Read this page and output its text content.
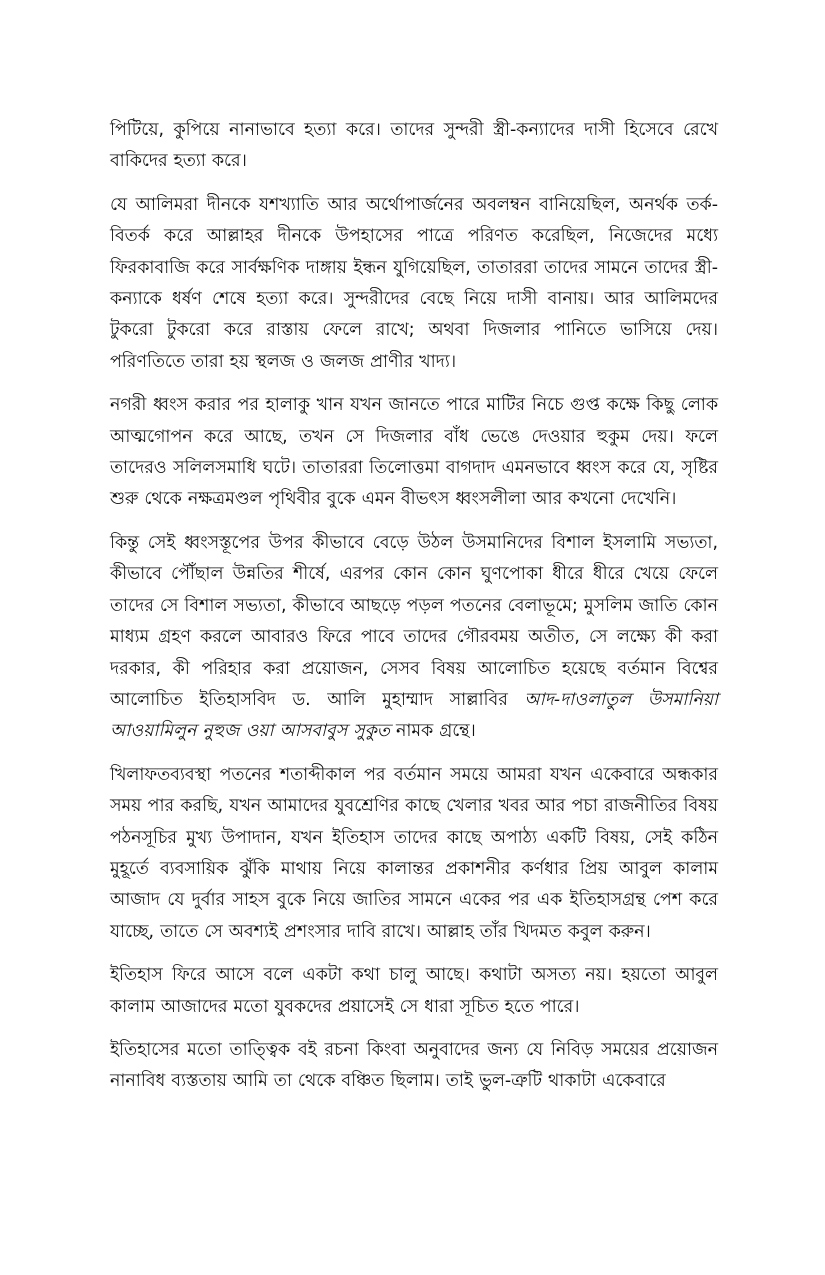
পিটিয়ে, কুপিয়ে নানাভাবে হত্যা করে। তাদের সুন্দরী স্ত্রী-কন্যাদের দাসী হিসেবে রেখে বাকিদের হত্যা করে।

যে আলিমরা দীনকে যশখ্যাতি আর অর্থোপার্জনের অবলম্বন বানিয়েছিল, অনর্থক তর্ক-বিতর্ক করে আল্লাহর দীনকে উপহাসের পাত্রে পরিণত করেছিল, নিজেদের মধ্যে ফিরকাবাজি করে সার্বক্ষণিক দাঙ্গায় ইন্ধন যুগিয়েছিল, তাতাররা তাদের সামনে তাদের স্ত্রী-কন্যাকে ধর্ষণ শেষে হত্যা করে। সুন্দরীদের বেছে নিয়ে দাসী বানায়। আর আলিমদের টুকরো টুকরো করে রাস্তায় ফেলে রাখে; অথবা দিজলার পানিতে ভাসিয়ে দেয়। পরিণতিতে তারা হয় স্থলজ ও জলজ প্রাণীর খাদ্য।

নগরী ধ্বংস করার পর হালাকু খান যখন জানতে পারে মাটির নিচে গুপ্ত কক্ষে কিছু লোক আত্মগোপন করে আছে, তখন সে দিজলার বাঁধ ভেঙে দেওয়ার হুকুম দেয়। ফলে তাদেরও সলিলসমাধি ঘটে। তাতাররা তিলোত্তমা বাগদাদ এমনভাবে ধ্বংস করে যে, সৃষ্টির শুরু থেকে নক্ষত্রমণ্ডল পৃথিবীর বুকে এমন বীভৎস ধ্বংসলীলা আর কখনো দেখেনি।

কিন্তু সেই ধ্বংসস্তূপের উপর কীভাবে বেড়ে উঠল উসমানিদের বিশাল ইসলামি সভ্যতা, কীভাবে পৌঁছাল উন্নতির শীর্ষে, এরপর কোন কোন ঘুণপোকা ধীরে ধীরে খেয়ে ফেলে তাদের সে বিশাল সভ্যতা, কীভাবে আছড়ে পড়ল পতনের বেলাভূমে; মুসলিম জাতি কোন মাধ্যম গ্রহণ করলে আবারও ফিরে পাবে তাদের গৌরবময় অতীত, সে লক্ষ্যে কী করা দরকার, কী পরিহার করা প্রয়োজন, সেসব বিষয় আলোচিত হয়েছে বর্তমান বিশ্বের আলোচিত ইতিহাসবিদ ড. আলি মুহাম্মাদ সাল্লাবির আদ-দাওলাতুল উসমানিয়া আওয়ামিলুন নুহুজ ওয়া আসবাবুস সুকুত নামক গ্রন্থে।

খিলাফতব্যবস্থা পতনের শতাব্দীকাল পর বর্তমান সময়ে আমরা যখন একেবারে অন্ধকার সময় পার করছি, যখন আমাদের যুবশ্রেণির কাছে খেলার খবর আর পচা রাজনীতির বিষয় পঠনসূচির মুখ্য উপাদান, যখন ইতিহাস তাদের কাছে অপাঠ্য একটি বিষয়, সেই কঠিন মুহূর্তে ব্যবসায়িক ঝুঁকি মাথায় নিয়ে কালান্তর প্রকাশনীর কর্ণধার প্রিয় আবুল কালাম আজাদ যে দুর্বার সাহস বুকে নিয়ে জাতির সামনে একের পর এক ইতিহাসগ্রন্থ পেশ করে যাচ্ছে, তাতে সে অবশ্যই প্রশংসার দাবি রাখে। আল্লাহ তাঁর খিদমত কবুল করুন।

ইতিহাস ফিরে আসে বলে একটা কথা চালু আছে। কথাটা অসত্য নয়। হয়তো আবুল কালাম আজাদের মতো যুবকদের প্রয়াসেই সে ধারা সূচিত হতে পারে।

ইতিহাসের মতো তাত্ত্বিক বই রচনা কিংবা অনুবাদের জন্য যে নিবিড় সময়ের প্রয়োজন নানাবিধ ব্যস্ততায় আমি তা থেকে বঞ্চিত ছিলাম। তাই ভুল-ত্রুটি থাকাটা একেবারে
